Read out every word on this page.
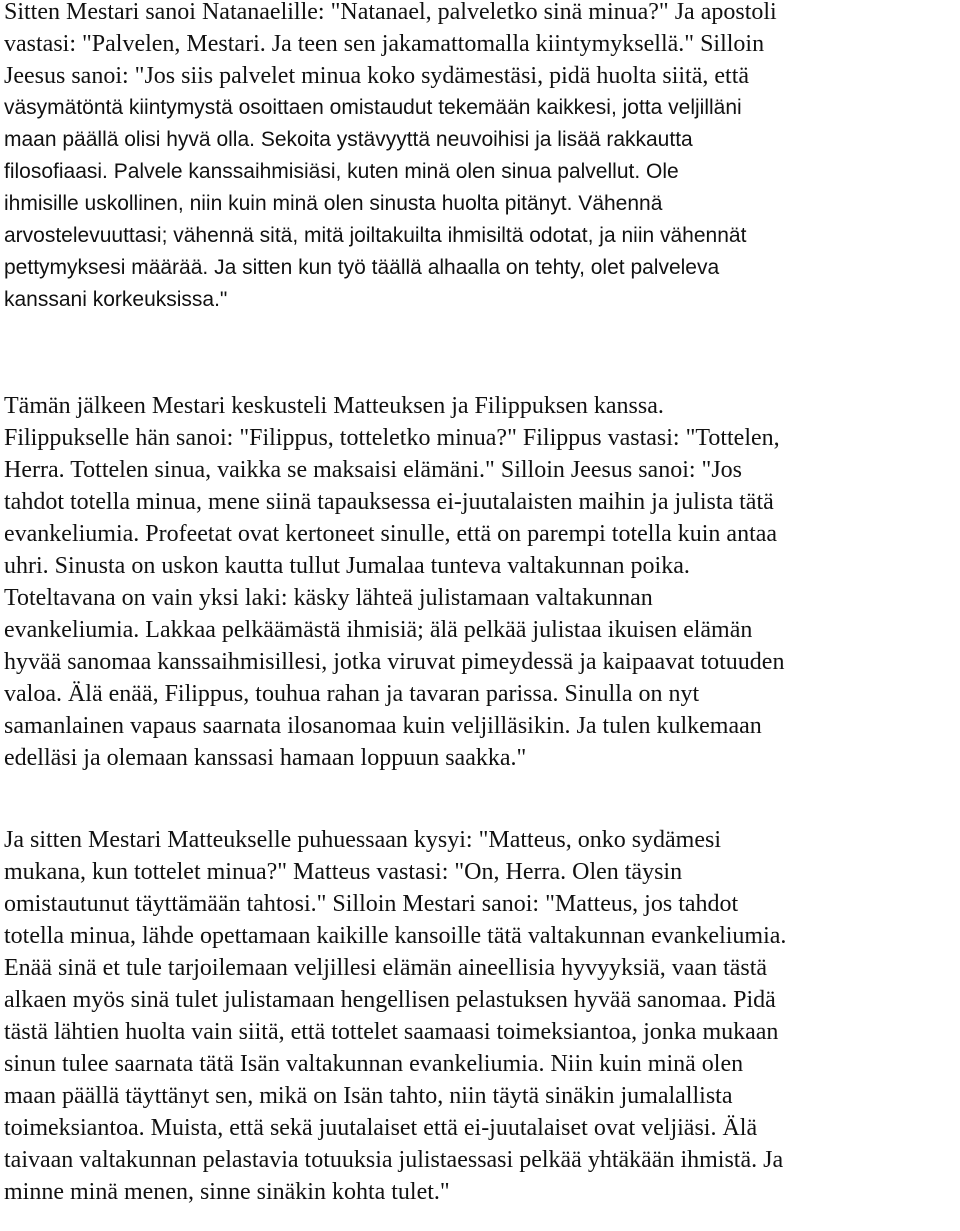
Sitten Mestari sanoi Natanaelille: "Natanael, palveletko sinä minua?" Ja apostoli
vastasi: "Palvelen, Mestari. Ja teen sen jakamattomalla kiintymyksellä." Silloin
Jeesus sanoi: "Jos siis palvelet minua koko sydämestäsi, pidä huolta siitä, että
väsymätöntä kiintymystä osoittaen omistaudut tekemään kaikkesi, jotta veljilläni
maan päällä olisi hyvä olla. Sekoita ystävyyttä neuvoihisi ja lisää rakkautta
filosofiaasi. Palvele kanssaihmisiäsi, kuten minä olen sinua palvellut. Ole
ihmisille uskollinen, niin kuin minä olen sinusta huolta pitänyt. Vähennä
arvostelevuuttasi; vähennä sitä, mitä joiltakuilta ihmisiltä odotat, ja niin vähennät
pettymyksesi määrää. Ja sitten kun työ täällä alhaalla on tehty, olet palveleva
kanssani korkeuksissa."
Tämän jälkeen Mestari keskusteli Matteuksen ja Filippuksen kanssa.
Filippukselle hän sanoi: "Filippus, totteletko minua?" Filippus vastasi: "Tottelen,
Herra. Tottelen sinua, vaikka se maksaisi elämäni." Silloin Jeesus sanoi: "Jos
tahdot totella minua, mene siinä tapauksessa ei-juutalaisten maihin ja julista tätä
evankeliumia. Profeetat ovat kertoneet sinulle, että on parempi totella kuin antaa
uhri. Sinusta on uskon kautta tullut Jumalaa tunteva valtakunnan poika.
Toteltavana on vain yksi laki: käsky lähteä julistamaan valtakunnan
evankeliumia. Lakkaa pelkäämästä ihmisiä; älä pelkää julistaa ikuisen elämän
hyvää sanomaa kanssaihmisillesi, jotka viruvat pimeydessä ja kaipaavat totuuden
valoa. Älä enää, Filippus, touhua rahan ja tavaran parissa. Sinulla on nyt
samanlainen vapaus saarnata ilosanomaa kuin veljilläsikin. Ja tulen kulkemaan
edelläsi ja olemaan kanssasi hamaan loppuun saakka."
Ja sitten Mestari Matteukselle puhuessaan kysyi: "Matteus, onko sydämesi
mukana, kun tottelet minua?" Matteus vastasi: "On, Herra. Olen täysin
omistautunut täyttämään tahtosi." Silloin Mestari sanoi: "Matteus, jos tahdot
totella minua, lähde opettamaan kaikille kansoille tätä valtakunnan evankeliumia.
Enää sinä et tule tarjoilemaan veljillesi elämän aineellisia hyvyyksiä, vaan tästä
alkaen myös sinä tulet julistamaan hengellisen pelastuksen hyvää sanomaa. Pidä
tästä lähtien huolta vain siitä, että tottelet saamaasi toimeksiantoa, jonka mukaan
sinun tulee saarnata tätä Isän valtakunnan evankeliumia. Niin kuin minä olen
maan päällä täyttänyt sen, mikä on Isän tahto, niin täytä sinäkin jumalallista
toimeksiantoa. Muista, että sekä juutalaiset että ei-juutalaiset ovat veljiäsi. Älä
taivaan valtakunnan pelastavia totuuksia julistaessasi pelkää yhtäkään ihmistä. Ja
minne minä menen, sinne sinäkin kohta tulet."
